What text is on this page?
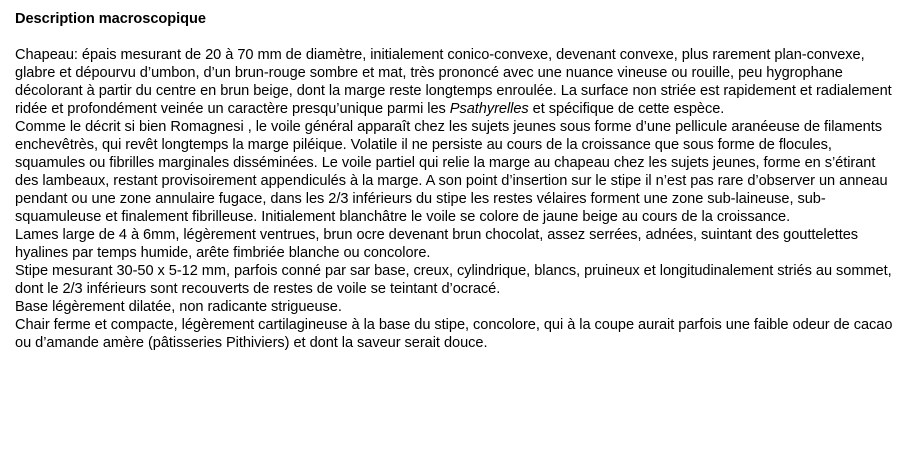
Description macroscopique

Chapeau: épais mesurant de 20 à 70 mm de diamètre, initialement conico-convexe, devenant convexe, plus rarement plan-convexe, glabre et dépourvu d’umbon, d’un brun-rouge sombre et mat, très prononcé avec une nuance vineuse ou rouille, peu hygrophane décolorant à partir du centre en brun beige, dont la marge reste longtemps enroulée. La surface non striée est rapidement et radialement ridée et profondément veinée un caractère presqu’unique parmi les Psathyrelles et spécifique de cette espèce.

Comme le décrit si bien Romagnesi , le voile général apparaît chez les sujets jeunes sous forme d’une pellicule aranéeuse de filaments enchevêtrès, qui revêt longtemps la marge piléique. Volatile il ne persiste au cours de la croissance que sous forme de flocules, squamules ou fibrilles marginales disséminées. Le voile partiel qui relie la marge au chapeau chez les sujets jeunes, forme en s’étirant des lambeaux, restant provisoirement appendiculés à la marge. A son point d’insertion sur le stipe il n’est pas rare d’observer un anneau pendant ou une zone annulaire fugace, dans les 2/3 inférieurs du stipe les restes vélaires forment une zone sub-laineuse, sub-squamuleuse et finalement fibrilleuse. Initialement blanchâtre le voile se colore de jaune beige au cours de la croissance.

Lames large de 4 à 6mm, légèrement ventrues, brun ocre devenant brun chocolat, assez serrées, adnées, suintant des gouttelettes hyalines par temps humide, arête fimbriée blanche ou concolore.

Stipe mesurant 30-50 x 5-12 mm, parfois conné par sar base, creux, cylindrique, blancs, pruineux et longitudinalement striés au sommet, dont le 2/3 inférieurs sont recouverts de restes de voile se teintant d’ocracé.

Base légèrement dilatée, non radicante strigueuse.

Chair ferme et compacte, légèrement cartilagineuse à la base du stipe, concolore, qui à la coupe aurait parfois une faible odeur de cacao ou d’amande amère (pâtisseries Pithiviers) et dont la saveur serait douce.
